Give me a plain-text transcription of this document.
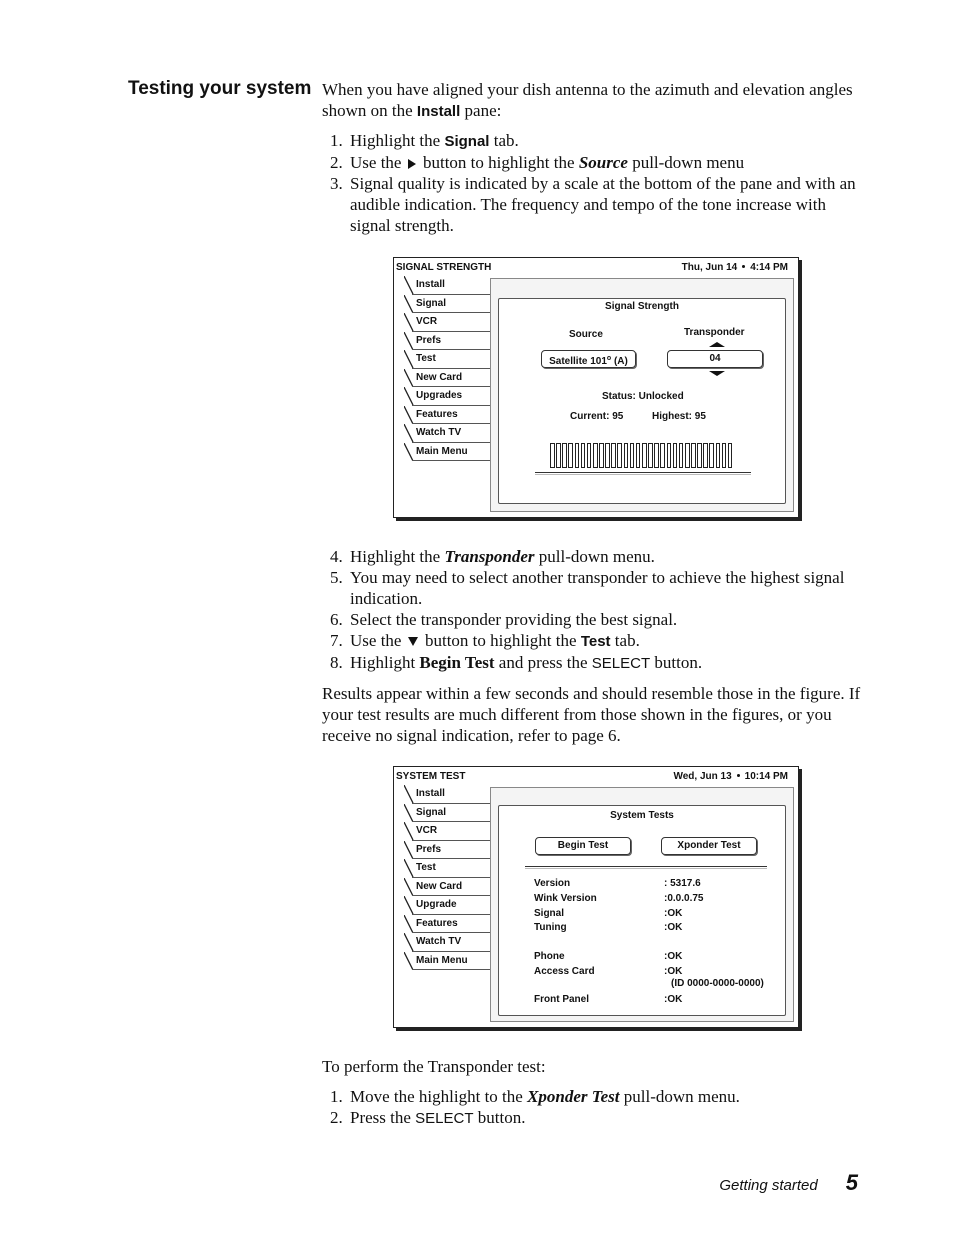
Testing your system When you have aligned your dish antenna to the azimuth and elevation angles shown on the Install pane:
1. Highlight the Signal tab.
2. Use the  button to highlight the Source pull-down menu
3. Signal quality is indicated by a scale at the bottom of the pane and with an audible indication. The frequency and tempo of the tone increase with signal strength.
SIGNAL STRENGTH	Thu, Jun 14 4:14 PM
Install
Signal
VCR
Prefs
Test
New Card
Upgrades
Features
Watch TV
Main Menu
Signal Strength
Source	Transponder
Satellite 101$^o$ (A)	04
Status: Unlocked
Current: 95	Highest: 95
4. Highlight the Transponder pull-down menu.
5. You may need to select another transponder to achieve the highest signal indication.
6. Select the transponder providing the best signal.
7. Use the  button to highlight the Test tab.
8. Highlight Begin Test and press the SELECT button.
Results appear within a few seconds and should resemble those in the figure. If your test results are much different from those shown in the figures, or you receive no signal indication, refer to page 6.
SYSTEM TEST	Wed, Jun 13 10:14 PM
Install
Signal
VCR
Prefs
Test
New Card
Upgrade
Features
Watch TV
Main Menu
System Tests
Begin Test	Xponder Test
Version	: 5317.6
Wink Version	:0.0.0.75
Signal	:OK
Tuning	:OK
Phone	:OK
Access Card	:OK
(ID 0000-0000-0000)
Front Panel	:OK
To perform the Transponder test:
1. Move the highlight to the Xponder Test pull-down menu.
2. Press the SELECT button.
Getting started 5
